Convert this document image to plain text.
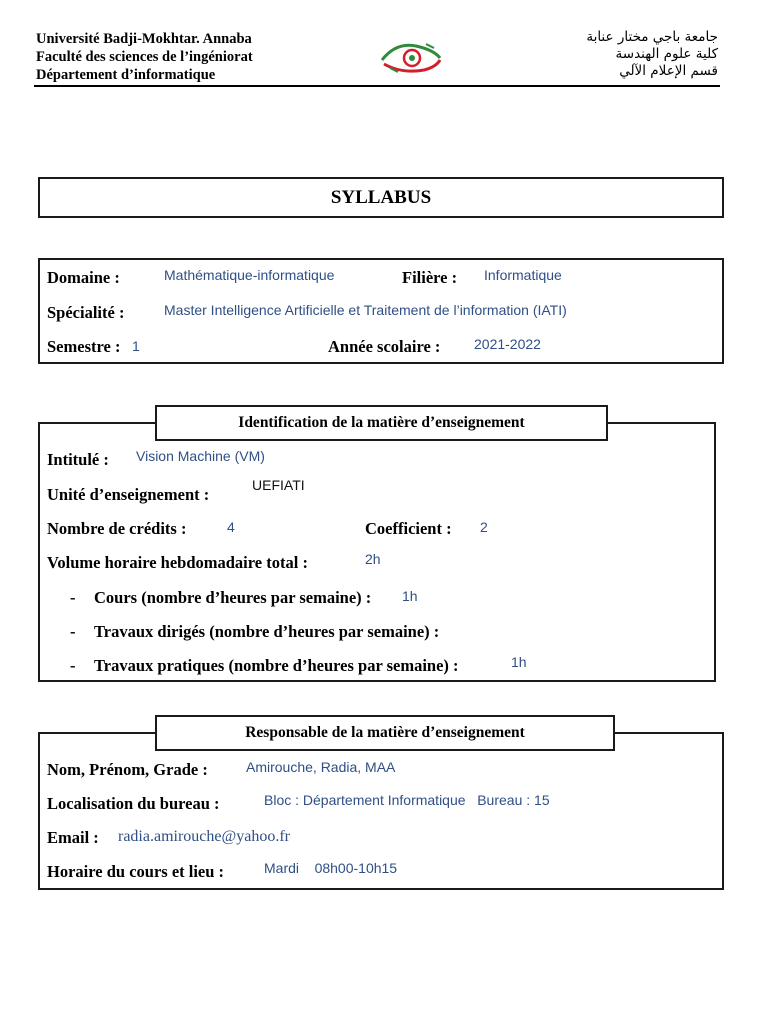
Université Badji-Mokhtar. Annaba
Faculté des sciences de l’ingéniorat
Département d’informatique
جامعة باجي مختار عنابة
كلية علوم الهندسة
قسم الإعلام الآلي
SYLLABUS
Domaine :	Mathématique-informatique	Filière : Informatique
Spécialité :	Master Intelligence Artificielle et Traitement de l’information (IATI)
Semestre : 1	Année scolaire : 2021-2022
Intitulé : Vision Machine (VM)
Unité d’enseignement :	UEFIATI
Nombre de crédits :	4	Coefficient : 2
Volume horaire hebdomadaire total :	2h
- Cours (nombre d’heures par semaine) : 1h
- Travaux dirigés (nombre d’heures par semaine) :
- Travaux pratiques (nombre d’heures par semaine) :	1h
Identification de la matière d’enseignement
Nom, Prénom, Grade :	Amirouche, Radia, MAA
Localisation du bureau :	Bloc : Département Informatique   Bureau : 15
Email : radia.amirouche@yahoo.fr
Horaire du cours et lieu :	Mardi    08h00-10h15
Responsable de la matière d’enseignement
